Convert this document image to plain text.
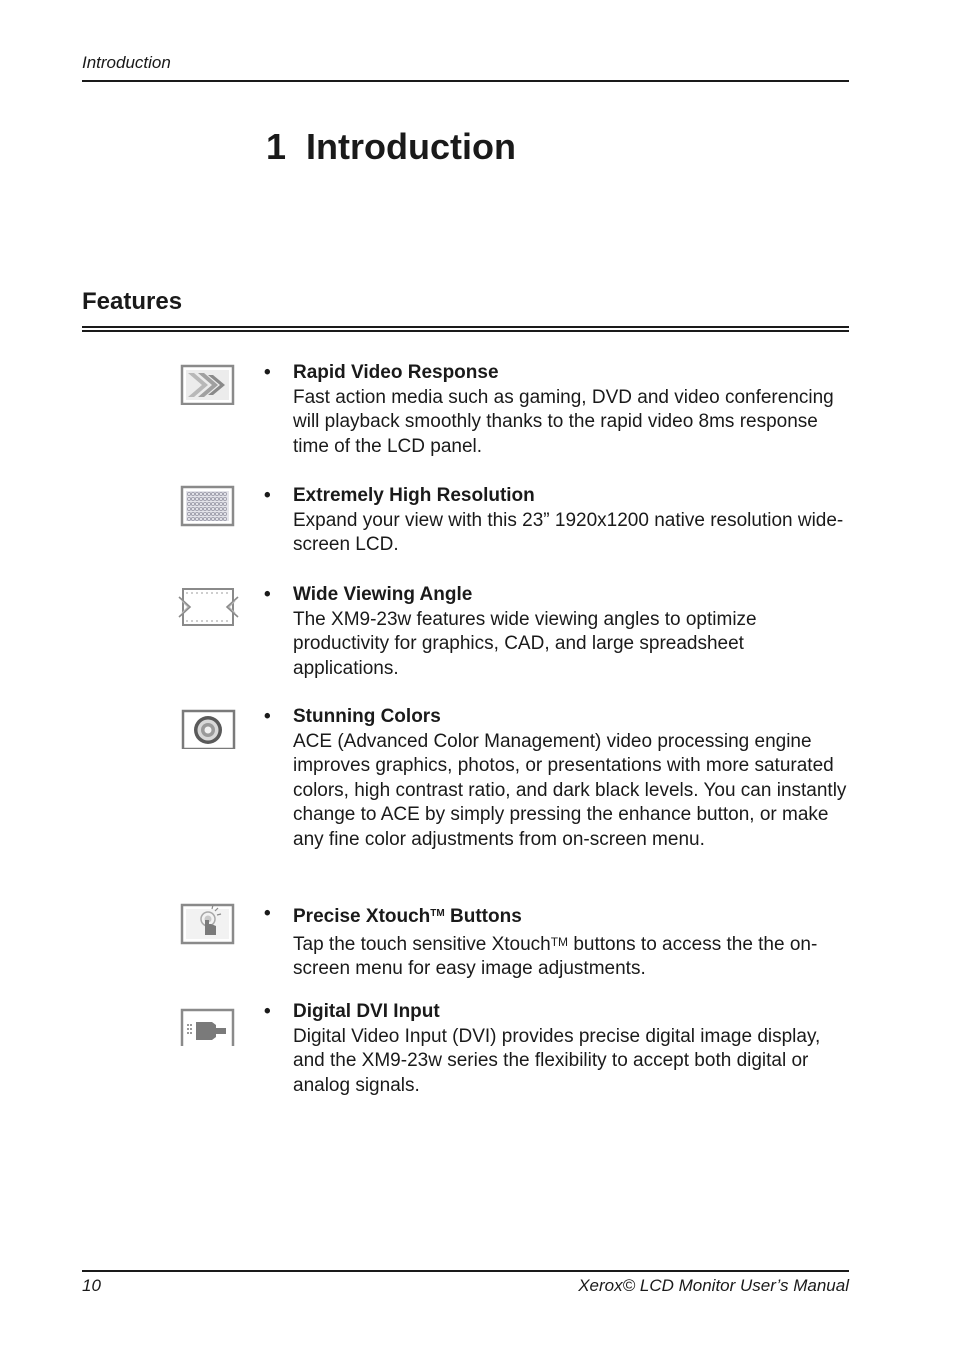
Introduction
1  Introduction
Features
• Rapid Video Response
Fast action media such as gaming, DVD and video conferencing will playback smoothly thanks to the rapid video 8ms response time of the LCD panel.
• Extremely High Resolution
Expand your view with this 23” 1920x1200 native resolution wide-screen LCD.
• Wide Viewing Angle
The XM9-23w features wide viewing angles to optimize productivity for graphics, CAD, and large spreadsheet applications.
• Stunning Colors
ACE (Advanced Color Management) video processing engine improves graphics, photos, or presentations with more saturated colors, high contrast ratio, and dark black levels. You can instantly change to ACE by simply pressing the enhance button, or make any fine color adjustments from on-screen menu.
• Precise Xtouch™ Buttons
Tap the touch sensitive Xtouch™ buttons to access the the on-screen menu for easy image adjustments.
• Digital DVI Input
Digital Video Input (DVI) provides precise digital image display, and the XM9-23w series the flexibility to accept both digital or analog signals.
10	Xerox© LCD Monitor User’s Manual
